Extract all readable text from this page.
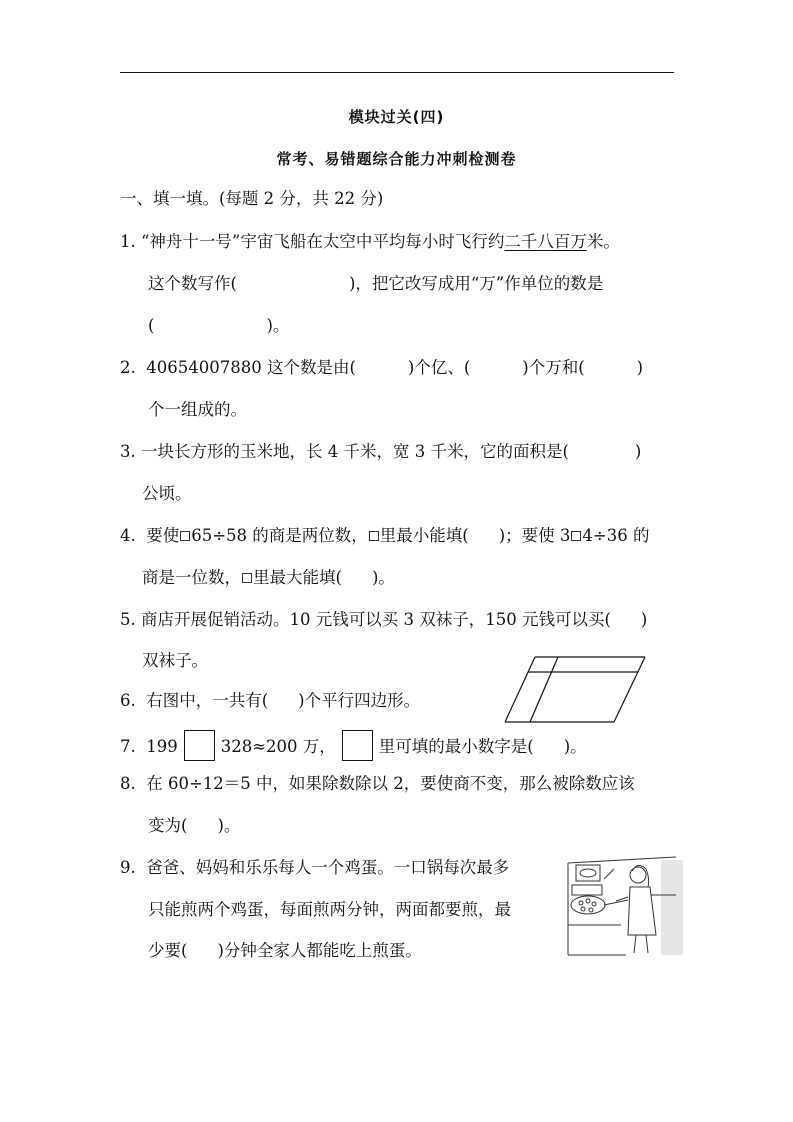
模块过关(四)
常考、易错题综合能力冲刺检测卷
一、填一填。(每题 2 分，共 22 分)
1. “神舟十一号”宇宙飞船在太空中平均每小时飞行约二千八百万米。
这个数写作(	)，把它改写成用“万”作单位的数是
(	)。
2.  40654007880 这个数是由(	)个亿、(	)个万和(	)
个一组成的。
3. 一块长方形的玉米地，长 4 千米，宽 3 千米，它的面积是(	)
公顷。
4.  要使 65÷58 的商是两位数， 里最小能填( )；要使 3 4÷36 的
商是一位数， 里最大能填( )。
5. 商店开展促销活动。10 元钱可以买 3 双袜子，150 元钱可以买( )
双袜子。
6.  右图中，一共有( )个平行四边形。
7.  199	328≈200 万，	里可填的最小数字是( )。
8.  在 60÷12＝5 中，如果除数除以 2，要使商不变，那么被除数应该
变为( )。
9.  爸爸、妈妈和乐乐每人一个鸡蛋。一口锅每次最多
只能煎两个鸡蛋，每面煎两分钟，两面都要煎，最
少要( )分钟全家人都能吃上煎蛋。
